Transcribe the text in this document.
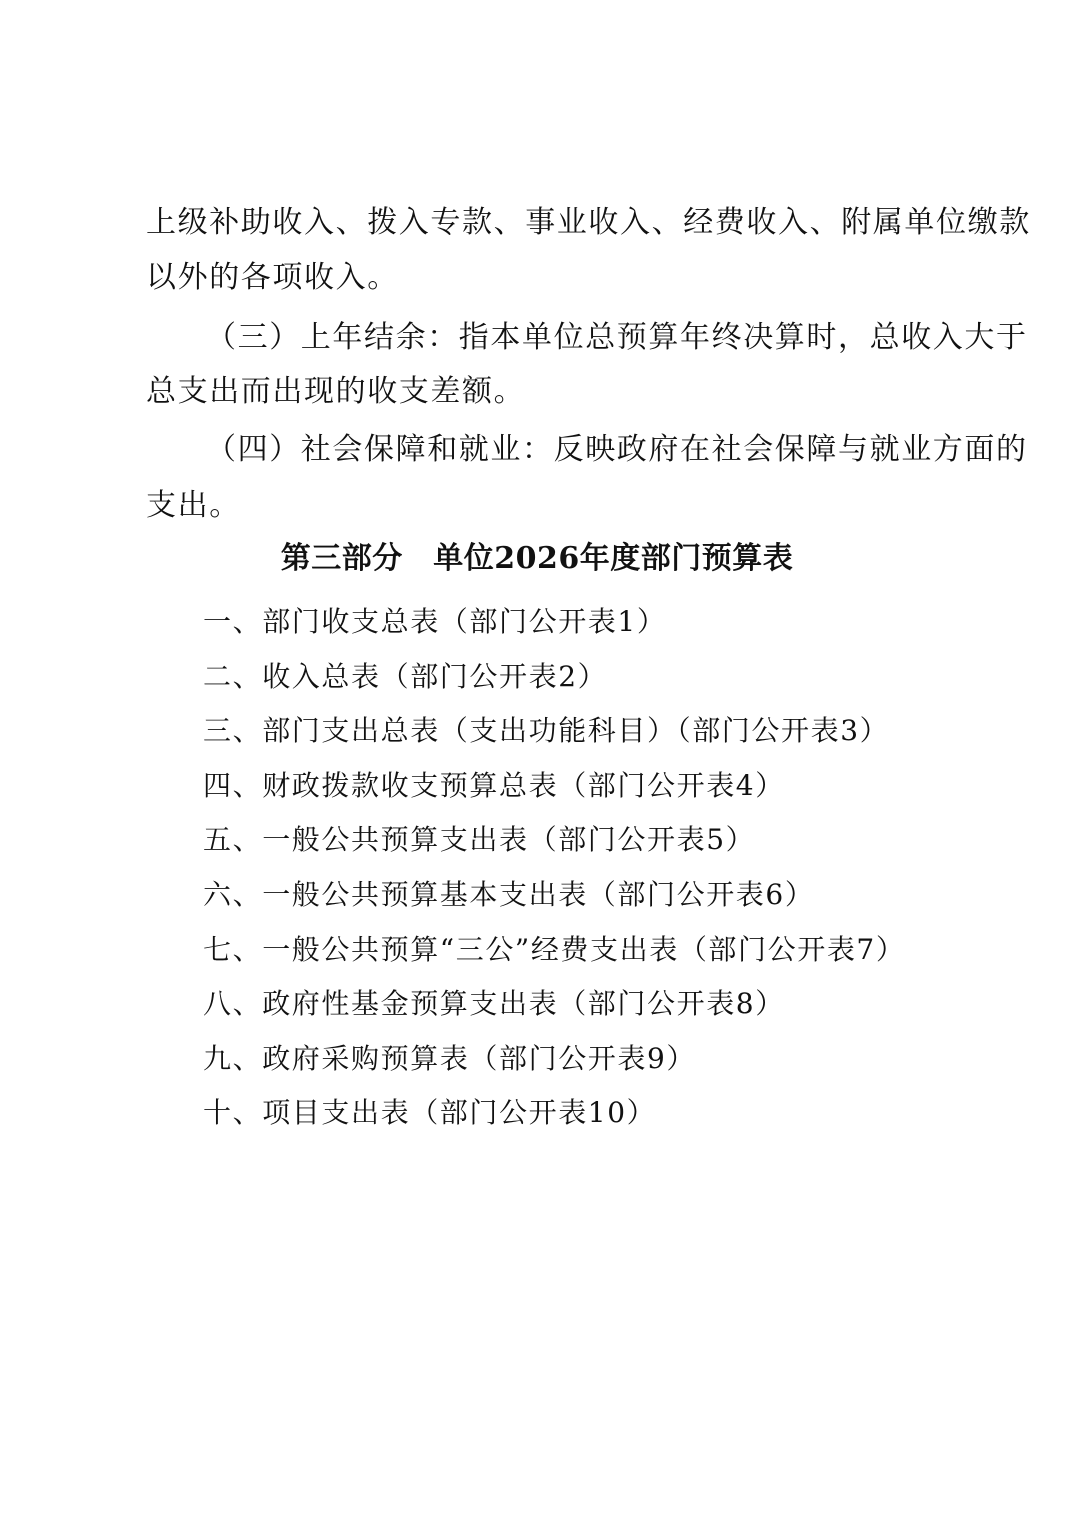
上级补助收入、拨入专款、事业收入、经费收入、附属单位缴款
以外的各项收入。
（三）上年结余：指本单位总预算年终决算时，总收入大于
总支出而出现的收支差额。
（四）社会保障和就业：反映政府在社会保障与就业方面的
支出。
第三部分　单位2026年度部门预算表
一、部门收支总表（部门公开表1）
二、收入总表（部门公开表2）
三、部门支出总表（支出功能科目）（部门公开表3）
四、财政拨款收支预算总表（部门公开表4）
五、一般公共预算支出表（部门公开表5）
六、一般公共预算基本支出表（部门公开表6）
七、一般公共预算“三公”经费支出表（部门公开表7）
八、政府性基金预算支出表（部门公开表8）
九、政府采购预算表（部门公开表9）
十、项目支出表（部门公开表10）
